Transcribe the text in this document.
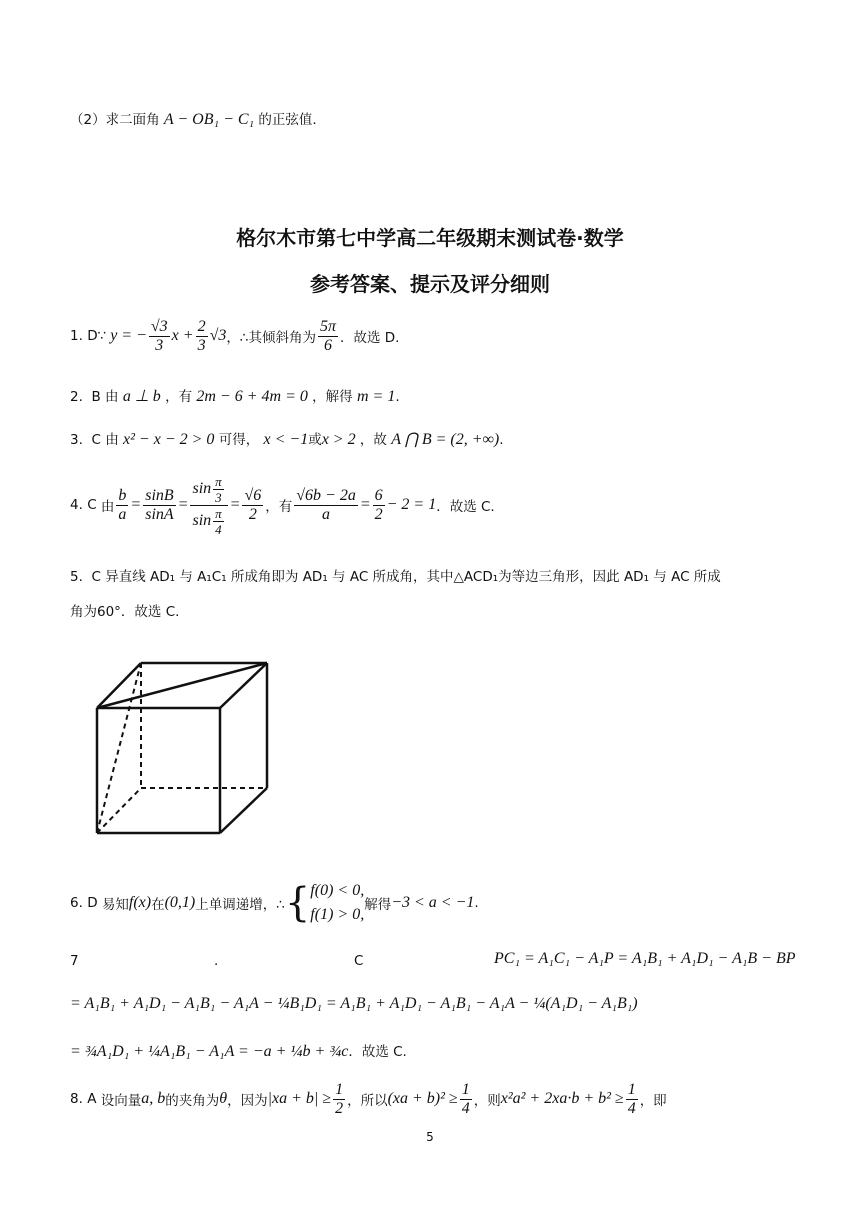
（2）求二面角 A − OB₁ − C₁ 的正弦值.
格尔木市第七中学高二年级期末测试卷·数学
参考答案、提示及评分细则
1.
D ∵ y = − $\frac{√3}{3}$ $x + \frac{2}{3} √3$ ，∴其倾斜角为 $\frac{5\pi}{6}$ ．故选 D.
2. B 由 a ⊥ b ，有 2m − 6 + 4m = 0 ，解得 m = 1.
3. C 由 x² − x − 2 > 0 可得， x < −1或x > 2 ，故 A ⋂ B = (2, +∞).
4.
C
由 $\frac{b}{a} = \frac{\sin B}{\sin A} = \frac{\sin \frac{\pi}{3}}{\sin \frac{\pi}{4}} = \frac{√6}{2}$ ，有 $\frac{√6b - 2a}{a} = \frac{6}{2} - 2 = 1$ ．故选 C.
5. C 异直线 AD₁ 与 A₁C₁ 所成角即为 AD₁ 与 AC 所成角，其中△ACD₁为等边三角形，因此 AD₁ 与 AC 所成
角为60°．故选 C.
6.
D
易知 f(x) 在 (0,1) 上单调递增，∴ { f(0) < 0,
f(1) > 0,
解得 −3 < a < −1 .
7	.	C	PC₁ = A₁C₁ − A₁P = A₁B₁ + A₁D₁ − A₁B − BP
= A₁B₁ + A₁D₁ − A₁B₁ − A₁A − ¼B₁D₁ = A₁B₁ + A₁D₁ − A₁B₁ − A₁A − ¼(A₁D₁ − A₁B₁)
= ¾A₁D₁ + ¼A₁B₁ − A₁A = −a + ¼b + ¾c．故选 C.
8.
A
设向量 a, b 的夹角为 θ ，因为 $|xa + b| \ge \frac{1}{2}$ ，所以 $(xa + b)^2 \ge \frac{1}{4}$ ，则 $x^2a^2 + 2xa\cdot b + b^2 \ge \frac{1}{4}$ ，即
5
